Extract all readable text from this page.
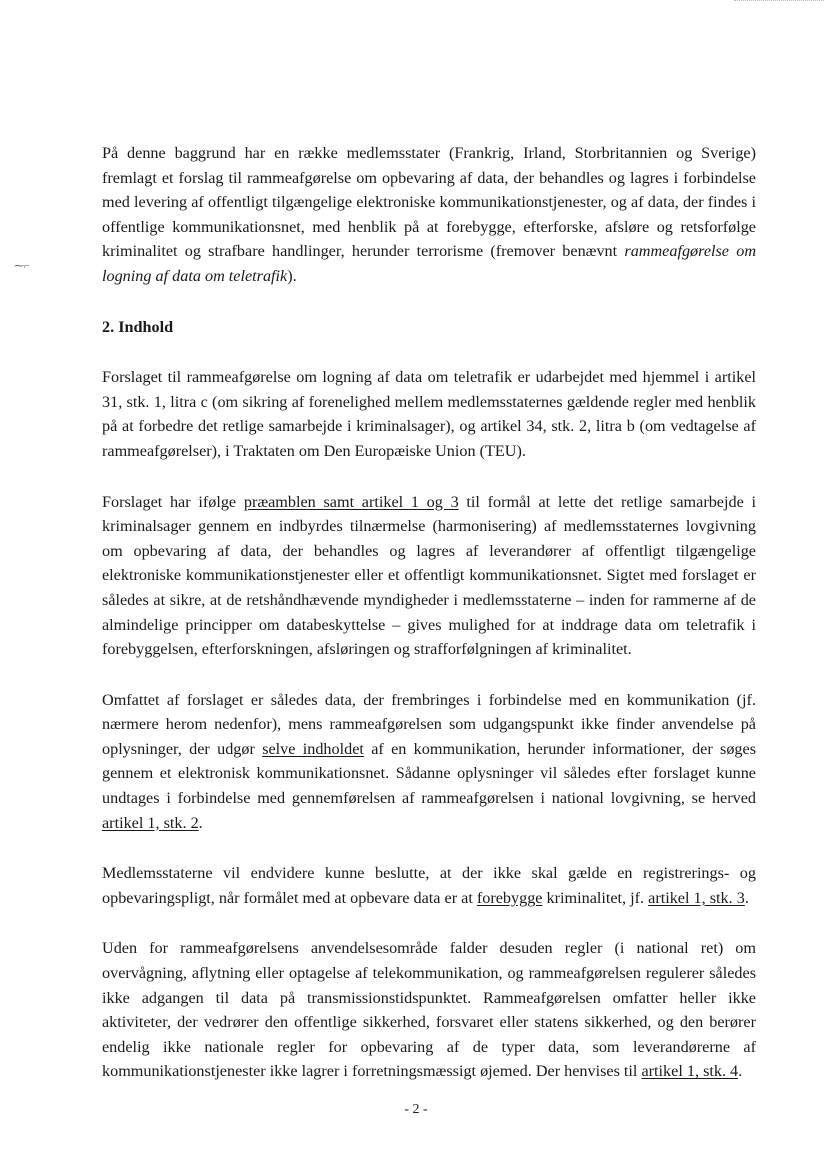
⁓⌐

På denne baggrund har en række medlemsstater (Frankrig, Irland, Storbritannien og Sverige) fremlagt et forslag til rammeafgørelse om opbevaring af data, der behandles og lagres i forbindelse med levering af offentligt tilgængelige elektroniske kommunikationstjenester, og af data, der findes i offentlige kommunikationsnet, med henblik på at forebygge, efterforske, afsløre og retsforfølge kriminalitet og strafbare handlinger, herunder terrorisme (fremover benævnt rammeafgørelse om logning af data om teletrafik).

2. Indhold

Forslaget til rammeafgørelse om logning af data om teletrafik er udarbejdet med hjemmel i artikel 31, stk. 1, litra c (om sikring af forenelighed mellem medlemsstaternes gældende regler med henblik på at forbedre det retlige samarbejde i kriminalsager), og artikel 34, stk. 2, litra b (om vedtagelse af rammeafgørelser), i Traktaten om Den Europæiske Union (TEU).

Forslaget har ifølge præamblen samt artikel 1 og 3 til formål at lette det retlige samarbejde i kriminalsager gennem en indbyrdes tilnærmelse (harmonisering) af medlemsstaternes lovgivning om opbevaring af data, der behandles og lagres af leverandører af offentligt tilgængelige elektroniske kommunikationstjenester eller et offentligt kommunikationsnet. Sigtet med forslaget er således at sikre, at de retshåndhævende myndigheder i medlemsstaterne – inden for rammerne af de almindelige principper om databeskyttelse – gives mulighed for at inddrage data om teletrafik i forebyggelsen, efterforskningen, afsløringen og strafforfølgningen af kriminalitet.

Omfattet af forslaget er således data, der frembringes i forbindelse med en kommunikation (jf. nærmere herom nedenfor), mens rammeafgørelsen som udgangspunkt ikke finder anvendelse på oplysninger, der udgør selve indholdet af en kommunikation, herunder informationer, der søges gennem et elektronisk kommunikationsnet. Sådanne oplysninger vil således efter forslaget kunne undtages i forbindelse med gennemførelsen af rammeafgørelsen i national lovgivning, se herved artikel 1, stk. 2.

Medlemsstaterne vil endvidere kunne beslutte, at der ikke skal gælde en registrerings- og opbevaringspligt, når formålet med at opbevare data er at forebygge kriminalitet, jf. artikel 1, stk. 3.

Uden for rammeafgørelsens anvendelsesområde falder desuden regler (i national ret) om overvågning, aflytning eller optagelse af telekommunikation, og rammeafgørelsen regulerer således ikke adgangen til data på transmissionstidspunktet. Rammeafgørelsen omfatter heller ikke aktiviteter, der vedrører den offentlige sikkerhed, forsvaret eller statens sikkerhed, og den berører endelig ikke nationale regler for opbevaring af de typer data, som leverandørerne af kommunikationstjenester ikke lagrer i forretningsmæssigt øjemed. Der henvises til artikel 1, stk. 4.

- 2 -
